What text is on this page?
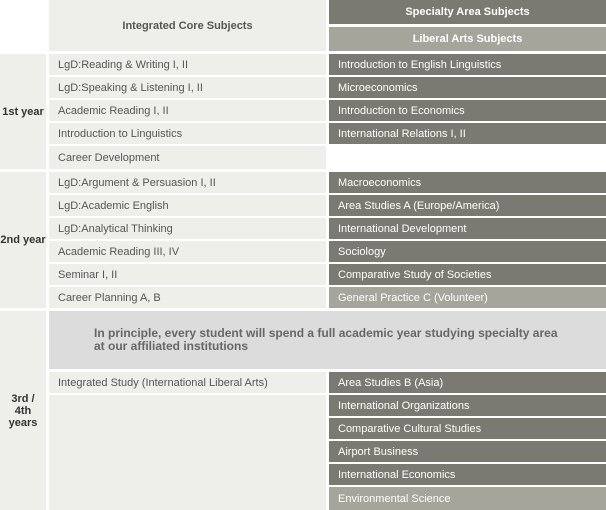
Integrated Core Subjects
Specialty Area Subjects
Liberal Arts Subjects
1st year
LgD:Reading & Writing I, II
LgD:Speaking & Listening I, II
Academic Reading I, II
Introduction to Linguistics
Career Development
Introduction to English Linguistics
Microeconomics
Introduction to Economics
International Relations I, II
2nd year
LgD:Argument & Persuasion I, II
LgD:Academic English
LgD:Analytical Thinking
Academic Reading III, IV
Seminar I, II
Career Planning A, B
Macroeconomics
Area Studies A (Europe/America)
International Development
Sociology
Comparative Study of Societies
General Practice C (Volunteer)
3rd / 4th years
In principle, every student will spend a full academic year studying specialty area at our affiliated institutions
Integrated Study (International Liberal Arts)	Area Studies B (Asia)
International Organizations
Comparative Cultural Studies
Airport Business
International Economics
Environmental Science
